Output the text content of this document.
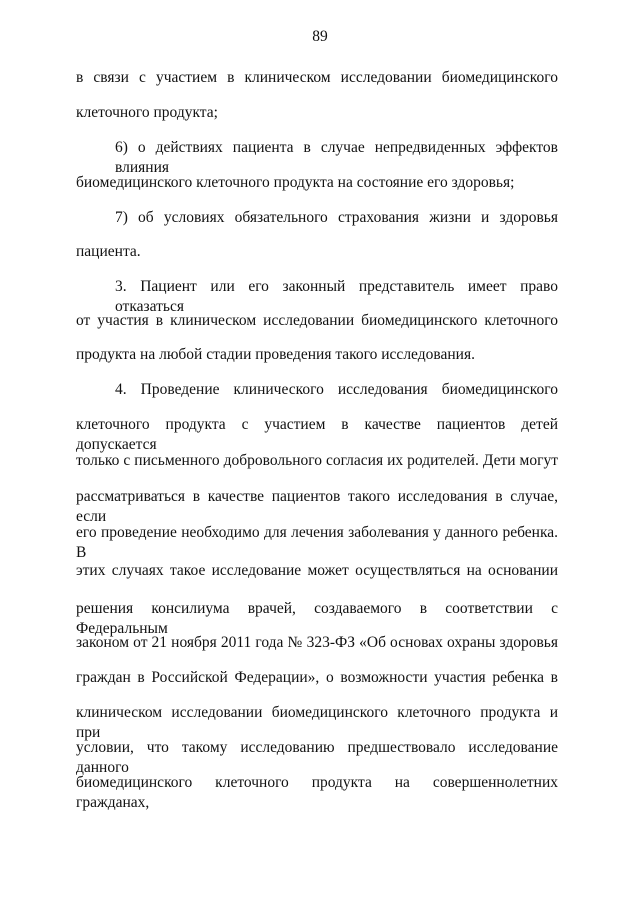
89
в связи с участием в клиническом исследовании биомедицинского
клеточного продукта;
6) о действиях пациента в случае непредвиденных эффектов влияния
биомедицинского клеточного продукта на состояние его здоровья;
7) об условиях обязательного страхования жизни и здоровья
пациента.
3. Пациент или его законный представитель имеет право отказаться
от участия в клиническом исследовании биомедицинского клеточного
продукта на любой стадии проведения такого исследования.
4. Проведение клинического исследования биомедицинского
клеточного продукта с участием в качестве пациентов детей допускается
только с письменного добровольного согласия их родителей. Дети могут
рассматриваться в качестве пациентов такого исследования в случае, если
его проведение необходимо для лечения заболевания у данного ребенка. В
этих случаях такое исследование может осуществляться на основании
решения консилиума врачей, создаваемого в соответствии с Федеральным
законом от 21 ноября 2011 года № 323-ФЗ «Об основах охраны здоровья
граждан в Российской Федерации», о возможности участия ребенка в
клиническом исследовании биомедицинского клеточного продукта и при
условии, что такому исследованию предшествовало исследование данного
биомедицинского клеточного продукта на совершеннолетних гражданах,
